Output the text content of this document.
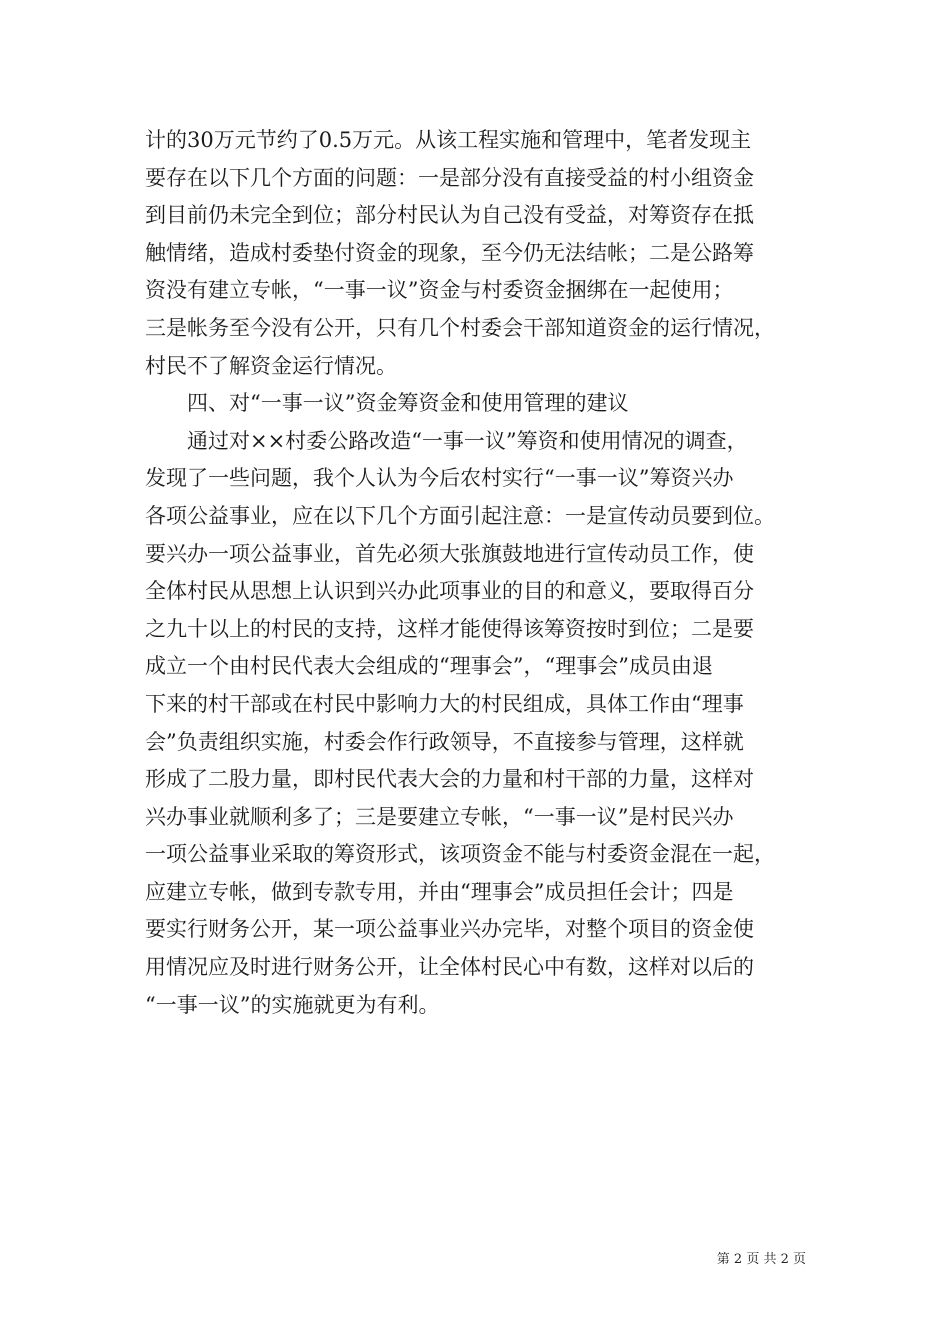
计的30万元节约了0.5万元。从该工程实施和管理中，笔者发现主
要存在以下几个方面的问题：一是部分没有直接受益的村小组资金
到目前仍未完全到位；部分村民认为自己没有受益，对筹资存在抵
触情绪，造成村委垫付资金的现象，至今仍无法结帐；二是公路筹
资没有建立专帐，“一事一议”资金与村委资金捆绑在一起使用；
三是帐务至今没有公开，只有几个村委会干部知道资金的运行情况，
村民不了解资金运行情况。
四、对“一事一议”资金筹资金和使用管理的建议
通过对××村委公路改造“一事一议”筹资和使用情况的调查，
发现了一些问题，我个人认为今后农村实行“一事一议”筹资兴办
各项公益事业，应在以下几个方面引起注意：一是宣传动员要到位。
要兴办一项公益事业，首先必须大张旗鼓地进行宣传动员工作，使
全体村民从思想上认识到兴办此项事业的目的和意义，要取得百分
之九十以上的村民的支持，这样才能使得该筹资按时到位；二是要
成立一个由村民代表大会组成的“理事会”，“理事会”成员由退
下来的村干部或在村民中影响力大的村民组成，具体工作由“理事
会”负责组织实施，村委会作行政领导，不直接参与管理，这样就
形成了二股力量，即村民代表大会的力量和村干部的力量，这样对
兴办事业就顺利多了；三是要建立专帐，“一事一议”是村民兴办
一项公益事业采取的筹资形式，该项资金不能与村委资金混在一起，
应建立专帐，做到专款专用，并由“理事会”成员担任会计；四是
要实行财务公开，某一项公益事业兴办完毕，对整个项目的资金使
用情况应及时进行财务公开，让全体村民心中有数，这样对以后的
“一事一议”的实施就更为有利。
第 2 页 共 2 页
